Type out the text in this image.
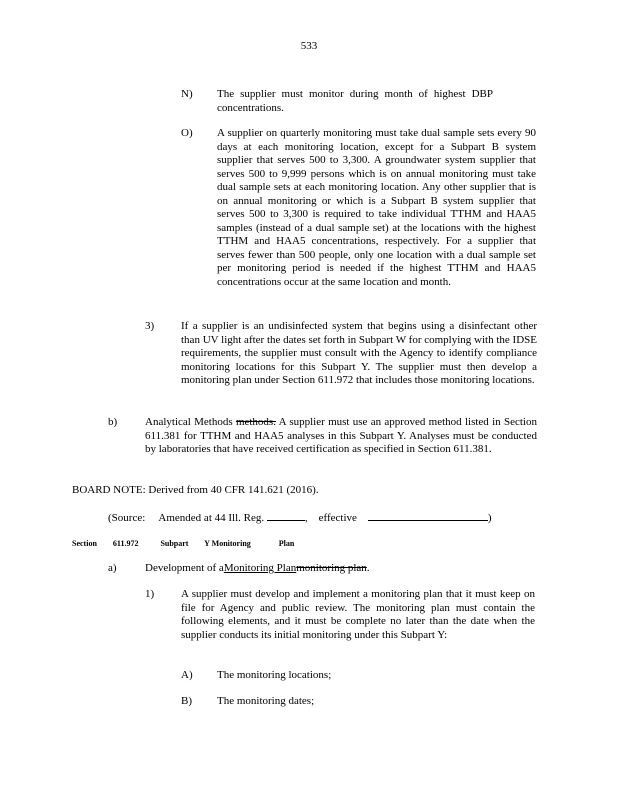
533
N) The supplier must monitor during month of highest DBP concentrations.
O) A supplier on quarterly monitoring must take dual sample sets every 90 days at each monitoring location, except for a Subpart B system supplier that serves 500 to 3,300. A groundwater system supplier that serves 500 to 9,999 persons which is on annual monitoring must take dual sample sets at each monitoring location. Any other supplier that is on annual monitoring or which is a Subpart B system supplier that serves 500 to 3,300 is required to take individual TTHM and HAA5 samples (instead of a dual sample set) at the locations with the highest TTHM and HAA5 concentrations, respectively. For a supplier that serves fewer than 500 people, only one location with a dual sample set per monitoring period is needed if the highest TTHM and HAA5 concentrations occur at the same location and month.
3) If a supplier is an undisinfected system that begins using a disinfectant other than UV light after the dates set forth in Subpart W for complying with the IDSE requirements, the supplier must consult with the Agency to identify compliance monitoring locations for this Subpart Y. The supplier must then develop a monitoring plan under Section 611.972 that includes those monitoring locations.
b)	Analytical Methods methods. A supplier must use an approved method listed in Section 611.381 for TTHM and HAA5 analyses in this Subpart Y. Analyses must be conducted by laboratories that have received certification as specified in Section 611.381.
BOARD NOTE: Derived from 40 CFR 141.621 (2016).
(Source: Amended at 44 Ill. Reg.	, effective	)
Section 611.972	Subpart Y Monitoring	Plan
a)	Development of aMonitoring Planmonitoring plan.
1) A supplier must develop and implement a monitoring plan that it must keep on file for Agency and public review. The monitoring plan must contain the following elements, and it must be complete no later than the date when the supplier conducts its initial monitoring under this Subpart Y:
A) The monitoring locations;
B) The monitoring dates;
